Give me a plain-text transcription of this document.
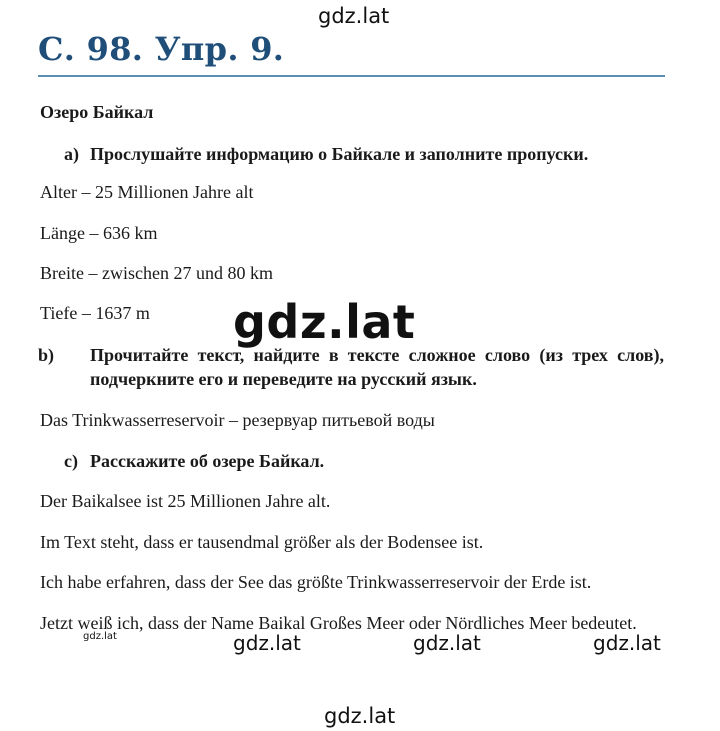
gdz.lat
С. 98. Упр. 9.
Озеро Байкал
a) Прослушайте информацию о Байкале и заполните пропуски.
Alter – 25 Millionen Jahre alt
Länge – 636 km
Breite – zwischen 27 und 80 km
Tiefe – 1637 m
b) Прочитайте текст, найдите в тексте сложное слово (из трех слов), подчеркните его и переведите на русский язык.
Das Trinkwasserreservoir – резервуар питьевой воды
c) Расскажите об озере Байкал.
Der Baikalsee ist 25 Millionen Jahre alt.
Im Text steht, dass er tausendmal größer als der Bodensee ist.
Ich habe erfahren, dass der See das größte Trinkwasserreservoir der Erde ist.
Jetzt weiß ich, dass der Name Baikal Großes Meer oder Nördliches Meer bedeutet.
gdz.lat
gdz.lat	gdz.lat	gdz.lat	gdz.lat
gdz.lat
